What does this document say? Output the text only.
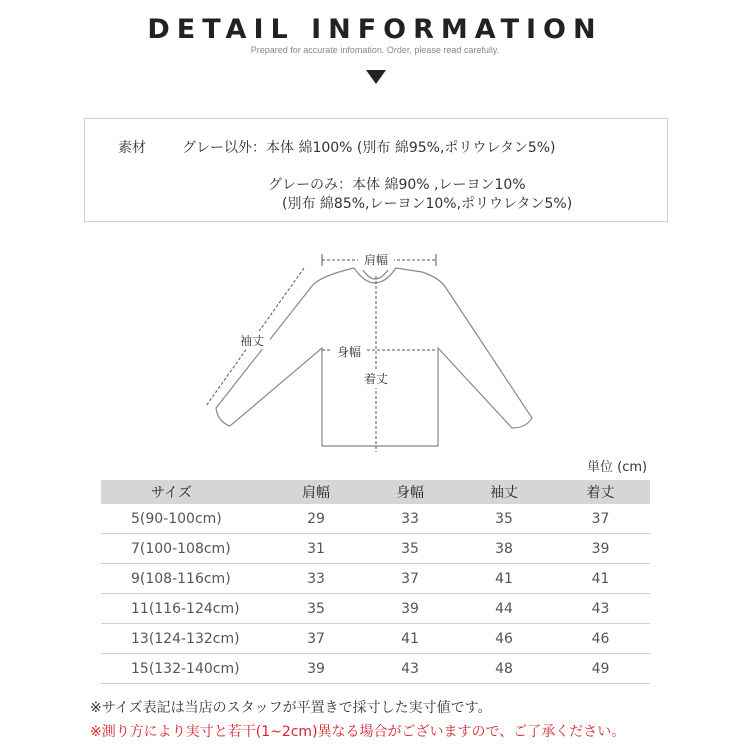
DETAIL INFORMATION
Prepared for accurate infomation. Order, please read carefully.
素材	グレー以外：本体 綿100% (別布 綿95%,ポリウレタン5%)
グレーのみ：本体 綿90% ,レーヨン10%
(別布 綿85%,レーヨン10%,ポリウレタン5%)
肩幅
袖丈
身幅
着丈
単位 (cm)
サイズ	肩幅	身幅	袖丈	着丈
5(90-100cm)	29	33	35	37
7(100-108cm)	31	35	38	39
9(108-116cm)	33	37	41	41
11(116-124cm)	35	39	44	43
13(124-132cm)	37	41	46	46
15(132-140cm)	39	43	48	49
※サイズ表記は当店のスタッフが平置きで採寸した実寸値です。
※測り方により実寸と若干(1~2cm)異なる場合がございますので、ご了承ください。
